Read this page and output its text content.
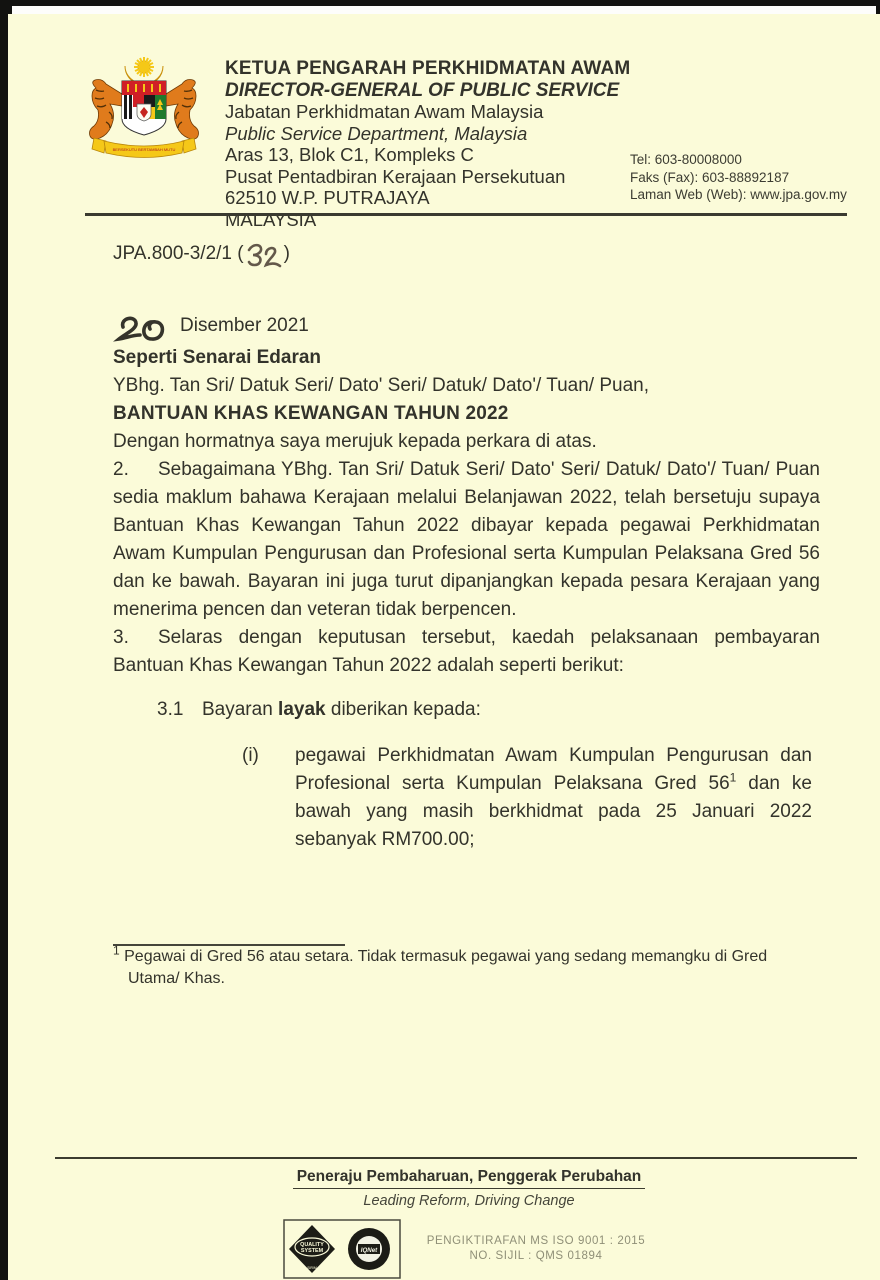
BERSEKUTU BERTAMBAH MUTU
KETUA PENGARAH PERKHIDMATAN AWAM
DIRECTOR-GENERAL OF PUBLIC SERVICE
Jabatan Perkhidmatan Awam Malaysia
Public Service Department, Malaysia
Aras 13, Blok C1, Kompleks C
Pusat Pentadbiran Kerajaan Persekutuan
62510 W.P. PUTRAJAYA
MALAYSIA
Tel: 603-80008000
Faks (Fax): 603-88892187
Laman Web (Web): www.jpa.gov.my

JPA.800-3/2/1 ( )

Disember 2021

Seperti Senarai Edaran

YBhg. Tan Sri/ Datuk Seri/ Dato' Seri/ Datuk/ Dato'/ Tuan/ Puan,

BANTUAN KHAS KEWANGAN TAHUN 2022

Dengan hormatnya saya merujuk kepada perkara di atas.

2. Sebagaimana YBhg. Tan Sri/ Datuk Seri/ Dato' Seri/ Datuk/ Dato'/ Tuan/ Puan sedia maklum bahawa Kerajaan melalui Belanjawan 2022, telah bersetuju supaya Bantuan Khas Kewangan Tahun 2022 dibayar kepada pegawai Perkhidmatan Awam Kumpulan Pengurusan dan Profesional serta Kumpulan Pelaksana Gred 56 dan ke bawah. Bayaran ini juga turut dipanjangkan kepada pesara Kerajaan yang menerima pencen dan veteran tidak berpencen.

3. Selaras dengan keputusan tersebut, kaedah pelaksanaan pembayaran Bantuan Khas Kewangan Tahun 2022 adalah seperti berikut:

3.1 Bayaran layak diberikan kepada:
(i)	pegawai Perkhidmatan Awam Kumpulan Pengurusan dan Profesional serta Kumpulan Pelaksana Gred $56^1$ dan ke bawah yang masih berkhidmat pada 25 Januari 2022 sebanyak RM700.00;

$^1$ Pegawai di Gred 56 atau setara. Tidak termasuk pegawai yang sedang memangku di Gred Utama/ Khas.

Peneraju Pembaharuan, Penggerak Perubahan
Leading Reform, Driving Change
QUALITY
SYSTEM
SIRIM
IQNet
PENGIKTIRAFAN MS ISO 9001 : 2015
NO. SIJIL : QMS 01894
